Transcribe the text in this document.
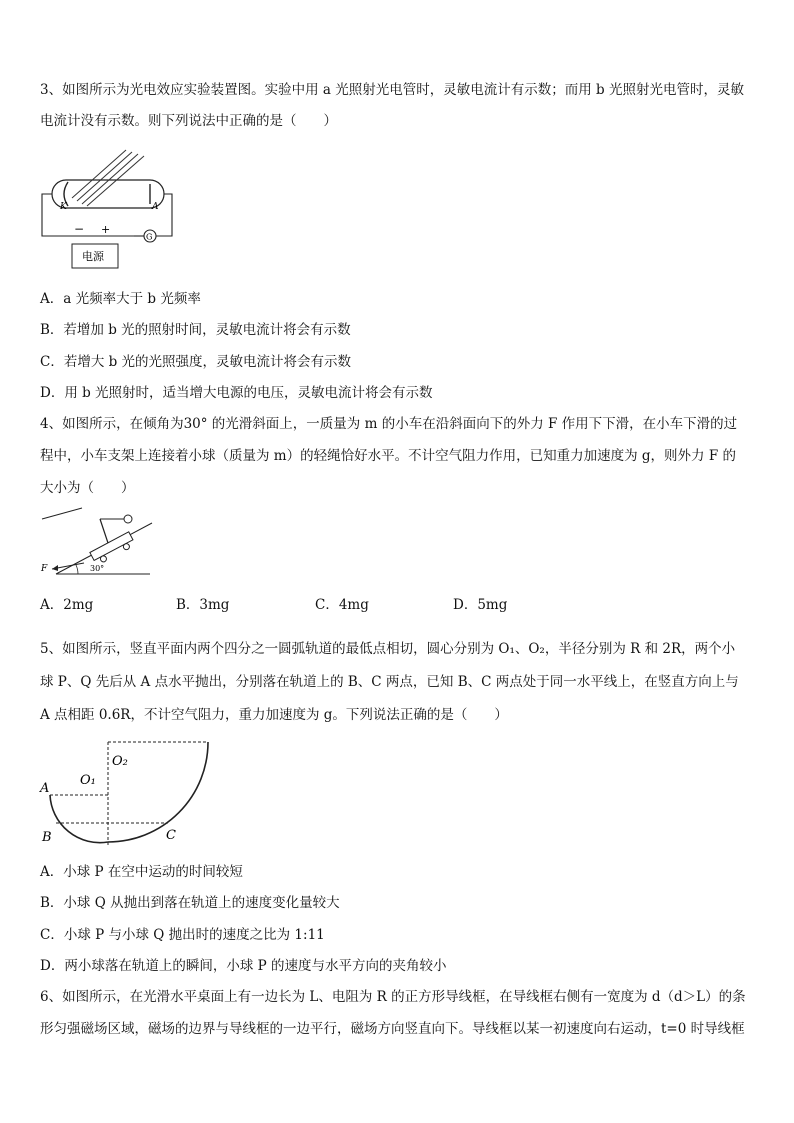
3、如图所示为光电效应实验装置图。实验中用 a 光照射光电管时，灵敏电流计有示数；而用 b 光照射光电管时，灵敏
电流计没有示数。则下列说法中正确的是（　　）
K	A
G
− +
电源
A．a 光频率大于 b 光频率
B．若增加 b 光的照射时间，灵敏电流计将会有示数
C．若增大 b 光的光照强度，灵敏电流计将会有示数
D．用 b 光照射时，适当增大电源的电压，灵敏电流计将会有示数
4、如图所示，在倾角为30° 的光滑斜面上，一质量为 m 的小车在沿斜面向下的外力 F 作用下下滑，在小车下滑的过
程中，小车支架上连接着小球（质量为 m）的轻绳恰好水平。不计空气阻力作用，已知重力加速度为 g，则外力 F 的
大小为（　　）
F	30°
A．2mg	B．3mg	C．4mg	D．5mg
5、如图所示，竖直平面内两个四分之一圆弧轨道的最低点相切，圆心分别为 O₁、O₂，半径分别为 R 和 2R，两个小
球 P、Q 先后从 A 点水平抛出，分别落在轨道上的 B、C 两点，已知 B、C 两点处于同一水平线上，在竖直方向上与
A 点相距 0.6R，不计空气阻力，重力加速度为 g。下列说法正确的是（　　）
O₂
O₁
A
B	C
A．小球 P 在空中运动的时间较短
B．小球 Q 从抛出到落在轨道上的速度变化量较大
C．小球 P 与小球 Q 抛出时的速度之比为 1:11
D．两小球落在轨道上的瞬间，小球 P 的速度与水平方向的夹角较小
6、如图所示，在光滑水平桌面上有一边长为 L、电阻为 R 的正方形导线框，在导线框右侧有一宽度为 d（d＞L）的条
形匀强磁场区域，磁场的边界与导线框的一边平行，磁场方向竖直向下。导线框以某一初速度向右运动，t=0 时导线框
